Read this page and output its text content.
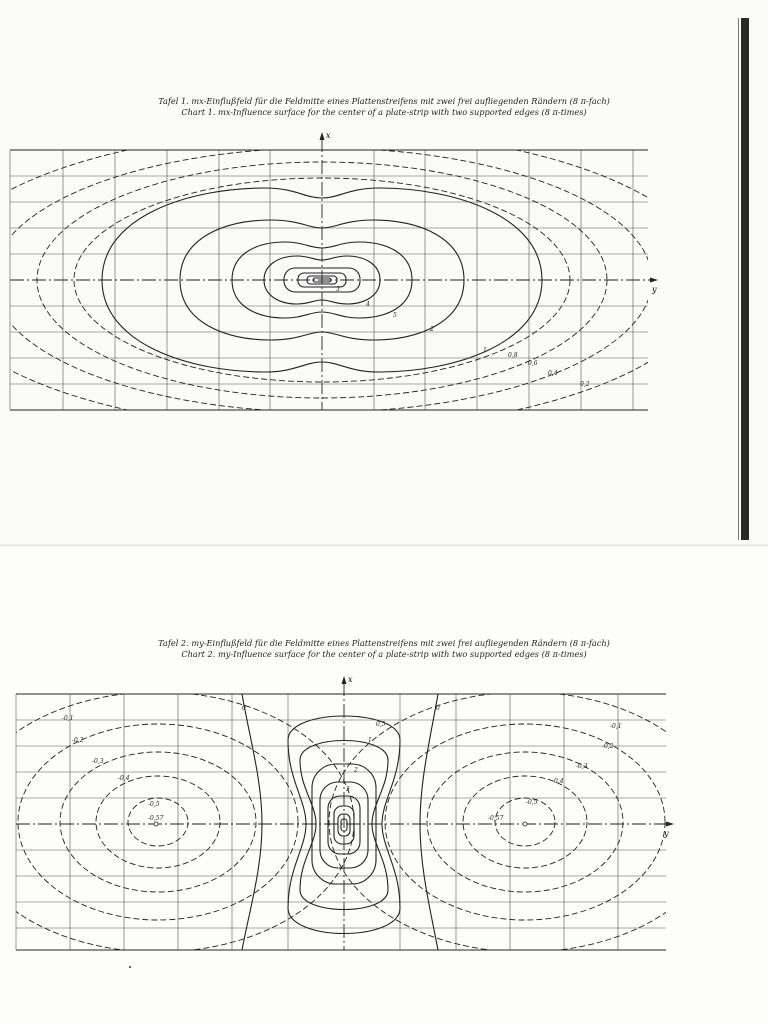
Tafel 1. mx-Einflußfeld für die Feldmitte eines Plattenstreifens mit zwei frei aufliegenden Rändern (8 π-fach)
Chart 1. mx-Influence surface for the center of a plate-strip with two supported edges (8 π-times)
x
y
3
4
5
2
1
0,8
0,6
0,4
0,2
Tafel 2. my-Einflußfeld für die Feldmitte eines Plattenstreifens mit zwei frei aufliegenden Rändern (8 π-fach)
Chart 2. my-Influence surface for the center of a plate-strip with two supported edges (8 π-times)
x
y
0	0
0,5
1
2
3
-0,1
-0,2
-0,3
-0,4
-0,5
-0,57
-0,1
-0,2
-0,3
-0,4
-0,5
-0,57
